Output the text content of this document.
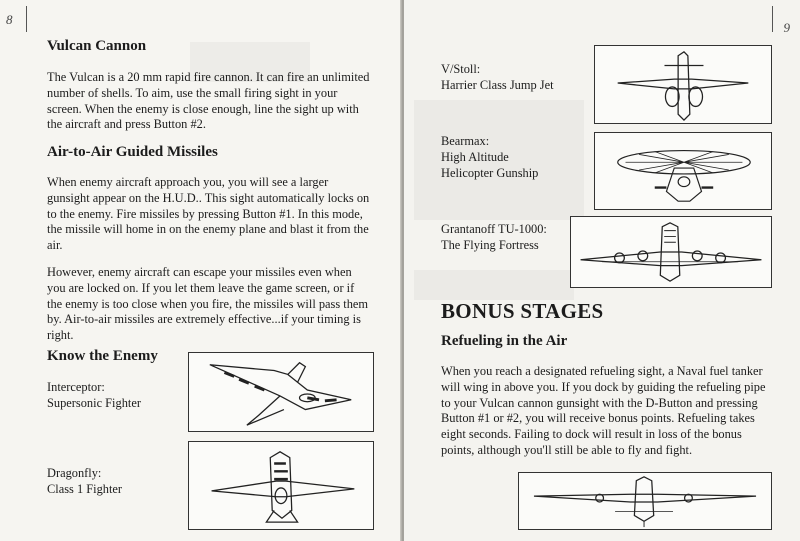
8
Vulcan Cannon

The Vulcan is a 20 mm rapid fire cannon. It can fire an unlimited number of shells. To aim, use the small firing sight in your screen. When the enemy is close enough, line the sight up with the aircraft and press Button #2.

Air-to-Air Guided Missiles

When enemy aircraft approach you, you will see a larger gunsight appear on the H.U.D.. This sight automatically locks on to the enemy. Fire missiles by pressing Button #1. In this mode, the missile will home in on the enemy plane and blast it from the air.

However, enemy aircraft can escape your missiles even when you are locked on. If you let them leave the game screen, or if the enemy is too close when you fire, the missiles will pass them by. Air-to-air missiles are extremely effective...if your timing is right.

Know the Enemy
Interceptor:
Supersonic Fighter
Dragonfly:
Class 1 Fighter
9
V/Stoll:
Harrier Class Jump Jet
Bearmax:
High Altitude
Helicopter Gunship
Grantanoff TU-1000:
The Flying Fortress
BONUS STAGES
Refueling in the Air

When you reach a designated refueling sight, a Naval fuel tanker will wing in above you. If you dock by guiding the refueling pipe to your Vulcan cannon gunsight with the D-Button and pressing Button #1 or #2, you will receive bonus points. Refueling takes eight seconds. Failing to dock will result in loss of the bonus points, although you'll still be able to fly and fight.
